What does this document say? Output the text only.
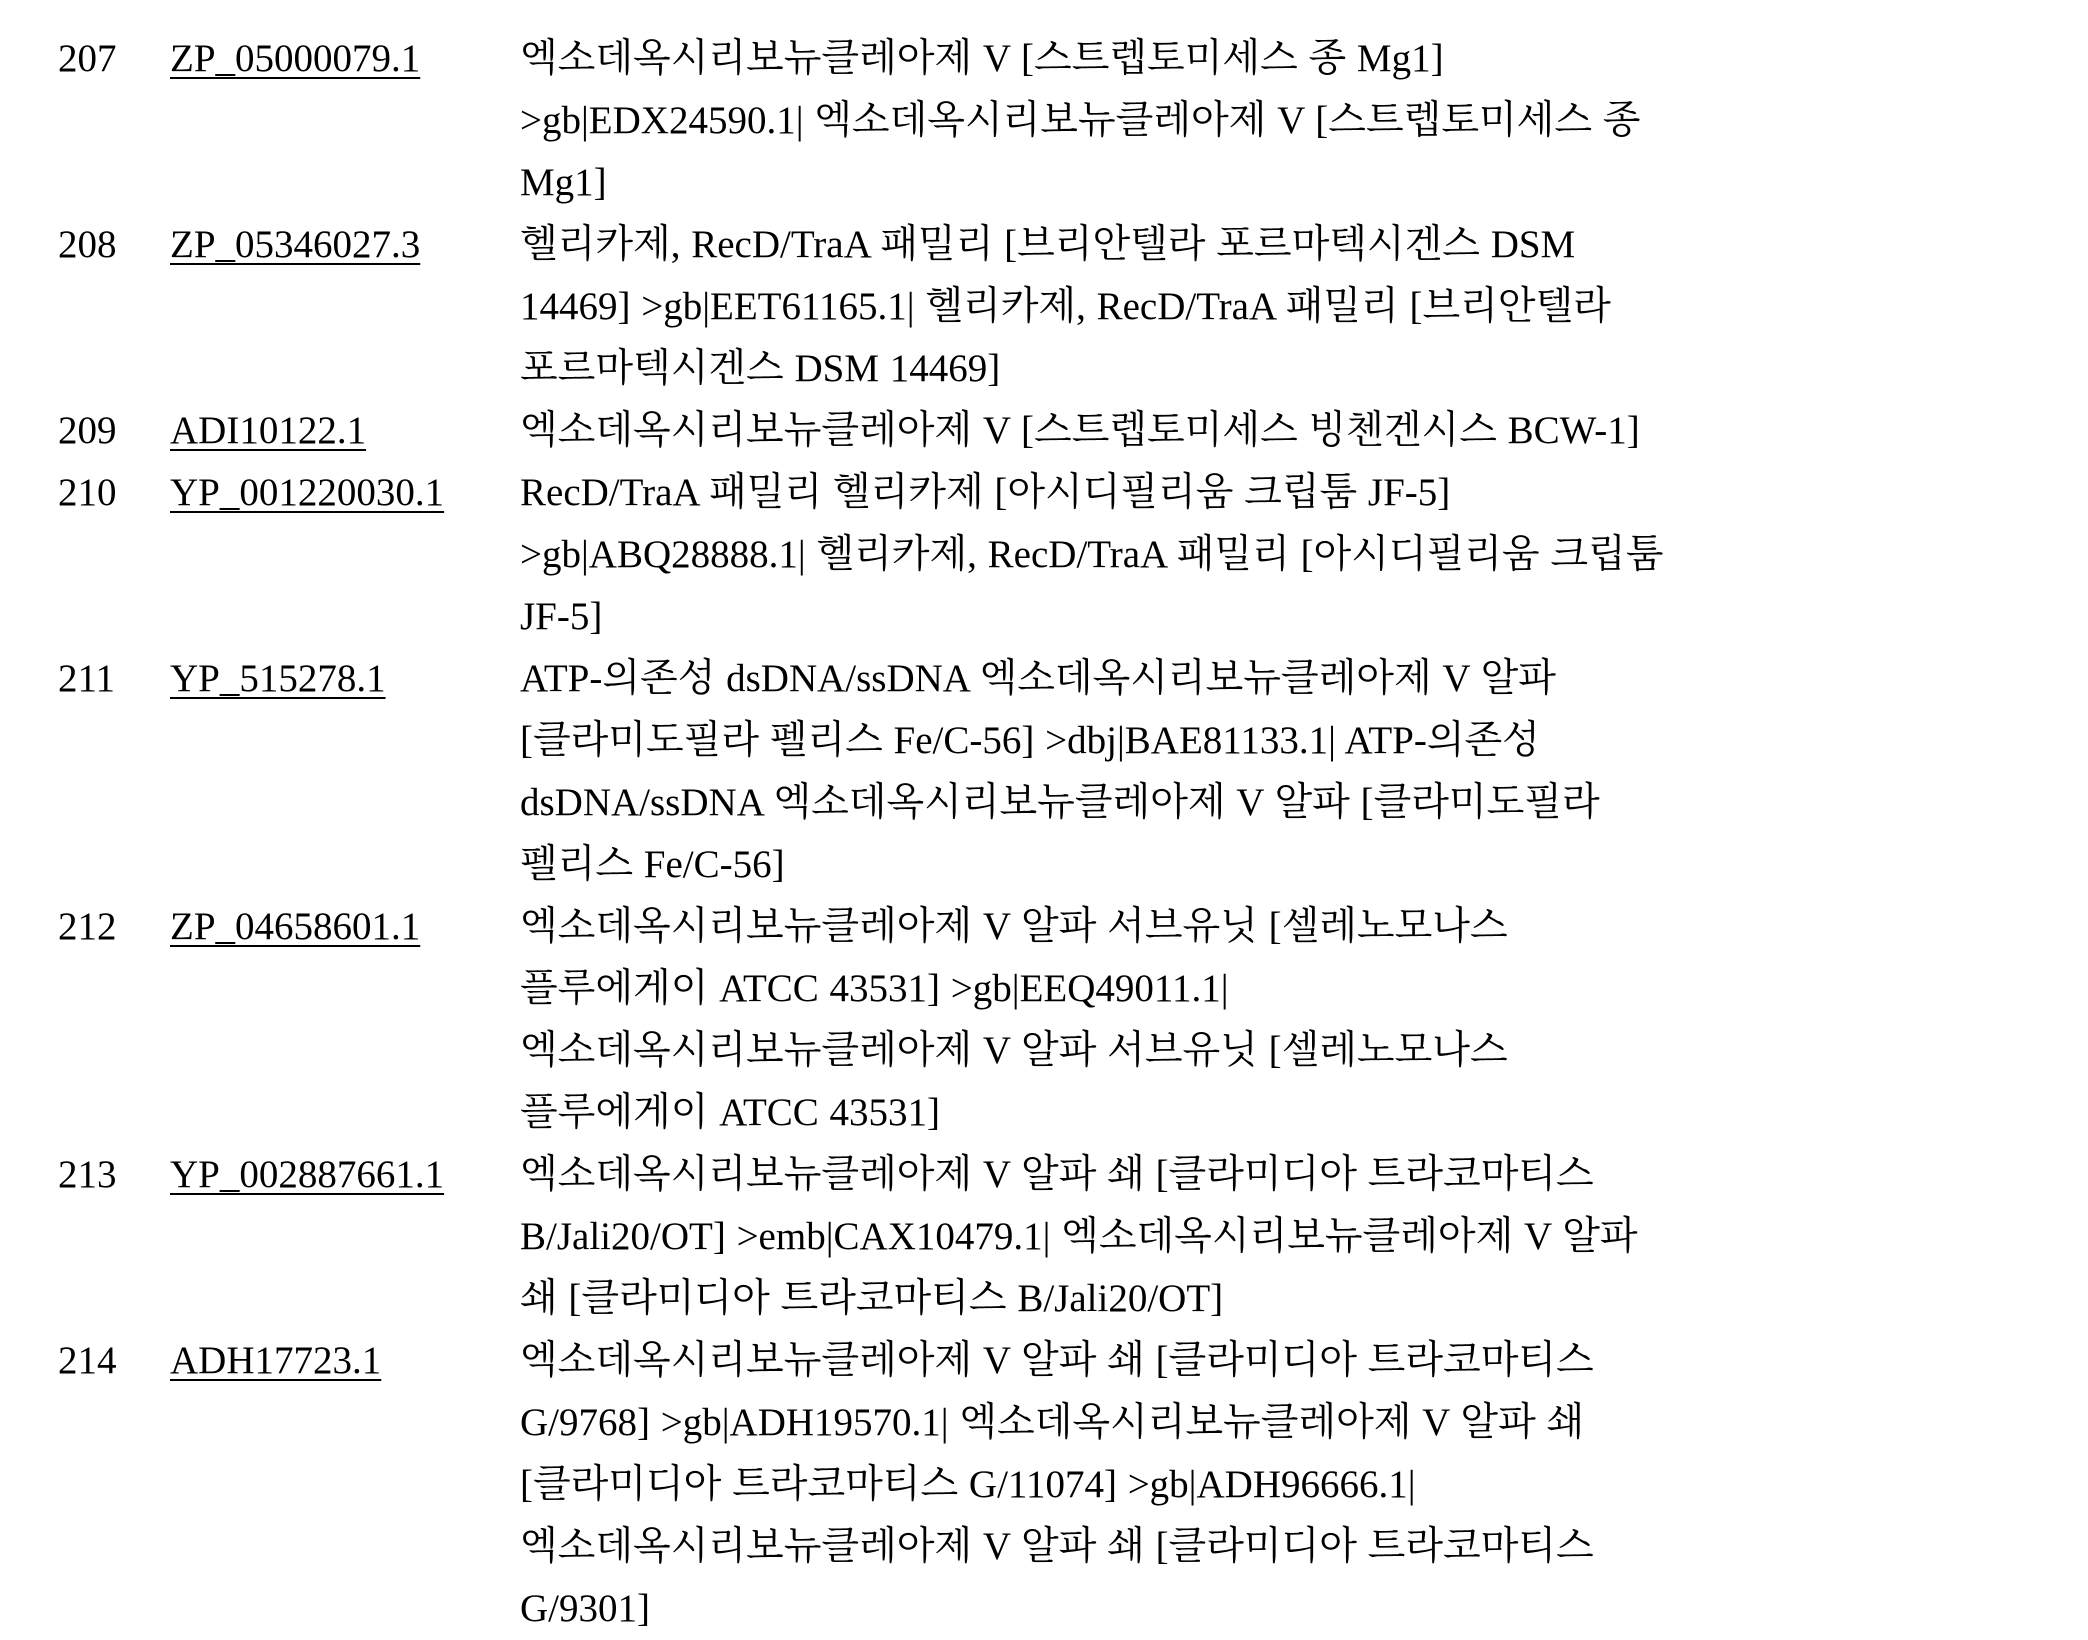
207	ZP_05000079.1	엑소데옥시리보뉴클레아제 V [스트렙토미세스 종 Mg1]
>gb|EDX24590.1| 엑소데옥시리보뉴클레아제 V [스트렙토미세스 종
Mg1]

208	ZP_05346027.3	헬리카제, RecD/TraA 패밀리 [브리안텔라 포르마텍시겐스 DSM
14469] >gb|EET61165.1| 헬리카제, RecD/TraA 패밀리 [브리안텔라
포르마텍시겐스 DSM 14469]

209	ADI10122.1	엑소데옥시리보뉴클레아제 V [스트렙토미세스 빙첸겐시스 BCW-1]

210	YP_001220030.1	RecD/TraA 패밀리 헬리카제 [아시디필리움 크립툼 JF-5]
>gb|ABQ28888.1| 헬리카제, RecD/TraA 패밀리 [아시디필리움 크립툼
JF-5]

211	YP_515278.1	ATP-의존성 dsDNA/ssDNA 엑소데옥시리보뉴클레아제 V 알파
[클라미도필라 펠리스 Fe/C-56] >dbj|BAE81133.1| ATP-의존성
dsDNA/ssDNA 엑소데옥시리보뉴클레아제 V 알파 [클라미도필라
펠리스 Fe/C-56]

212	ZP_04658601.1	엑소데옥시리보뉴클레아제 V 알파 서브유닛 [셀레노모나스
플루에게이 ATCC 43531] >gb|EEQ49011.1|
엑소데옥시리보뉴클레아제 V 알파 서브유닛 [셀레노모나스
플루에게이 ATCC 43531]

213	YP_002887661.1	엑소데옥시리보뉴클레아제 V 알파 쇄 [클라미디아 트라코마티스
B/Jali20/OT] >emb|CAX10479.1| 엑소데옥시리보뉴클레아제 V 알파
쇄 [클라미디아 트라코마티스 B/Jali20/OT]

214	ADH17723.1	엑소데옥시리보뉴클레아제 V 알파 쇄 [클라미디아 트라코마티스
G/9768] >gb|ADH19570.1| 엑소데옥시리보뉴클레아제 V 알파 쇄
[클라미디아 트라코마티스 G/11074] >gb|ADH96666.1|
엑소데옥시리보뉴클레아제 V 알파 쇄 [클라미디아 트라코마티스
G/9301]
